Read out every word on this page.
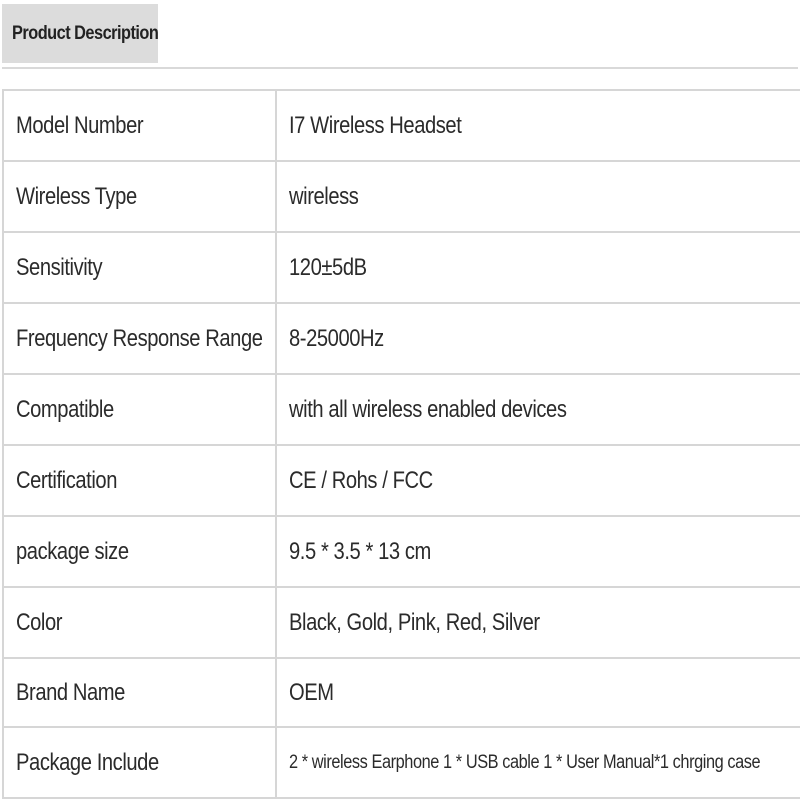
Product Description
Model Number	I7 Wireless Headset
Wireless Type	wireless
Sensitivity	120±5dB
Frequency Response Range	8-25000Hz
Compatible	with all wireless enabled devices
Certification	CE / Rohs / FCC
package size	9.5 * 3.5 * 13 cm
Color	Black, Gold, Pink, Red, Silver
Brand Name	OEM
Package Include	2 * wireless Earphone 1 * USB cable 1 * User Manual*1 chrging case
